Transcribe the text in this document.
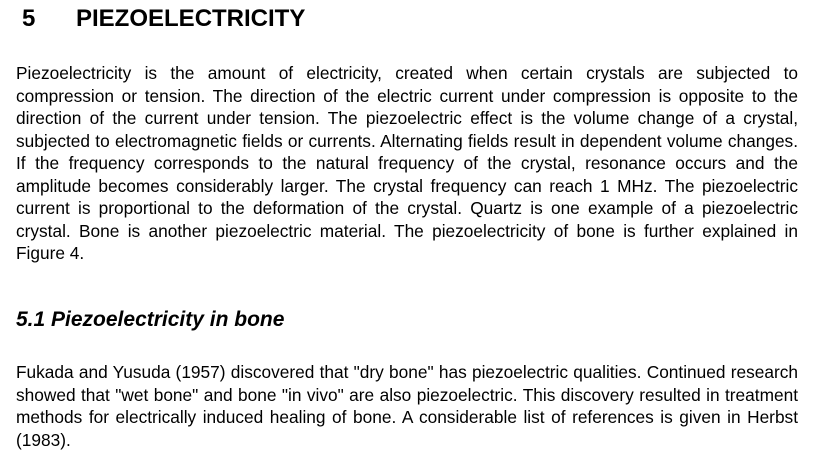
5 PIEZOELECTRICITY

Piezoelectricity is the amount of electricity, created when certain crystals are subjected to compression or tension. The direction of the electric current under compression is opposite to the direction of the current under tension. The piezoelectric effect is the volume change of a crystal, subjected to electromagnetic fields or currents. Alternating fields result in dependent volume changes. If the frequency corresponds to the natural frequency of the crystal, resonance occurs and the amplitude becomes considerably larger. The crystal frequency can reach 1 MHz. The piezoelectric current is proportional to the deformation of the crystal. Quartz is one example of a piezoelectric crystal. Bone is another piezoelectric material. The piezoelectricity of bone is further explained in Figure 4.

5.1 Piezoelectricity in bone

Fukada and Yusuda (1957) discovered that "dry bone" has piezoelectric qualities. Continued research showed that "wet bone" and bone "in vivo" are also piezoelectric. This discovery resulted in treatment methods for electrically induced healing of bone. A considerable list of references is given in Herbst (1983).
